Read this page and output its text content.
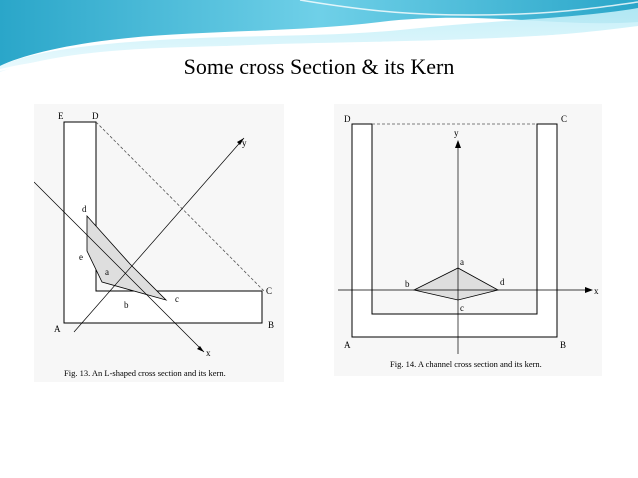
Some cross Section & its Kern
E	D
C
B
A
y
x
d
e
a
b
c
Fig. 13. An L-shaped cross section and its kern.
D	C
A	B
y
x
a
b
c
d
Fig. 14. A channel cross section and its kern.
